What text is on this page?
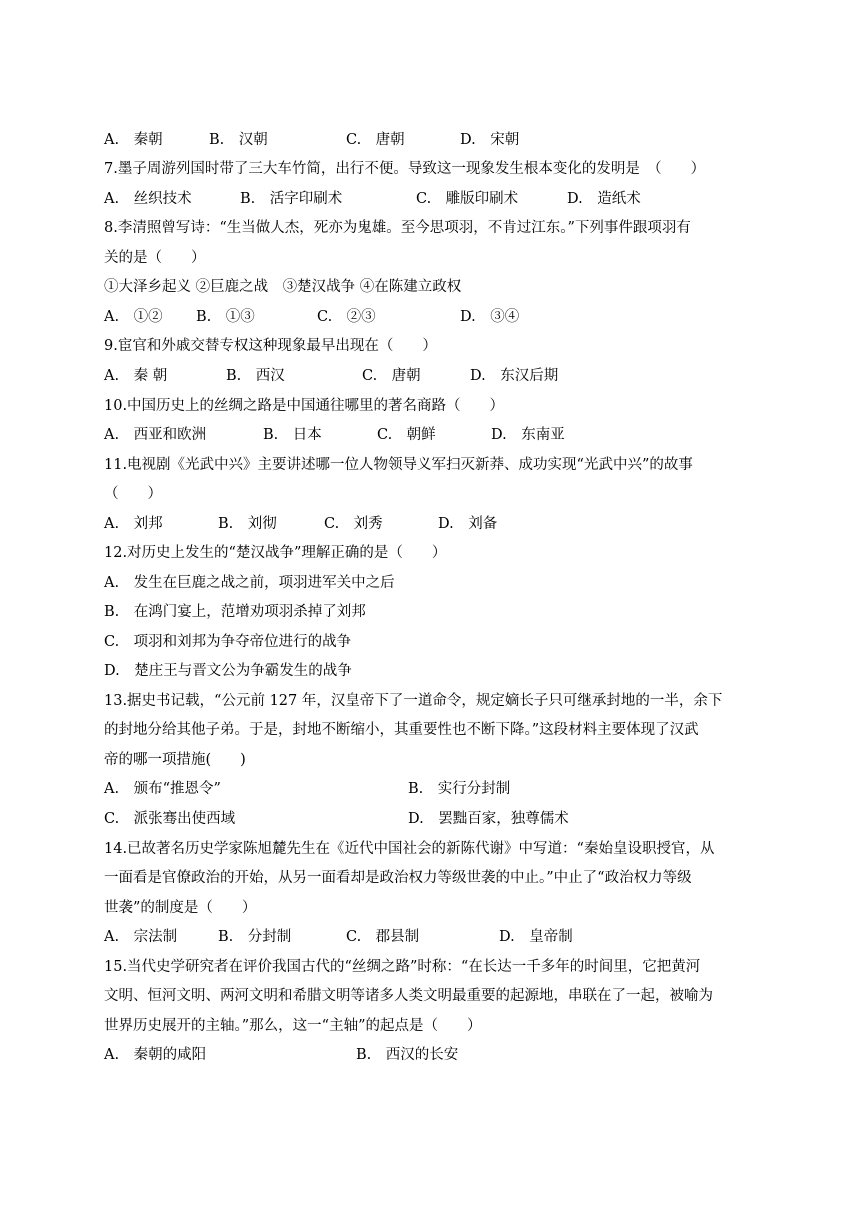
A.　秦朝	B.　汉朝	C.　唐朝	D.　宋朝
7.墨子周游列国时带了三大车竹简，出行不便。导致这一现象发生根本变化的发明是　（　　）
A.　丝织技术	B.　活字印刷术	C.　雕版印刷术	D.　造纸术
8.李清照曾写诗：“生当做人杰，死亦为鬼雄。至今思项羽，不肯过江东。”下列事件跟项羽有
关的是（　　）
①大泽乡起义 ②巨鹿之战　③楚汉战争 ④在陈建立政权
A.　①② B.　①③	C.　②③	D.　③④
9.宦官和外戚交替专权这种现象最早出现在（　　）
A.　秦 朝	B.　西汉	C.　唐朝	D.　东汉后期
10.中国历史上的丝绸之路是中国通往哪里的著名商路（　　）
A.　西亚和欧洲	B.　日本	C.　朝鲜	D.　东南亚
11.电视剧《光武中兴》主要讲述哪一位人物领导义军扫灭新莽、成功实现“光武中兴”的故事
（　　）
A.　刘邦	B.　刘彻	C.　刘秀	D.　刘备
12.对历史上发生的“楚汉战争”理解正确的是（　　）
A.　发生在巨鹿之战之前，项羽进军关中之后
B.　在鸿门宴上，范增劝项羽杀掉了刘邦
C.　项羽和刘邦为争夺帝位进行的战争
D.　楚庄王与晋文公为争霸发生的战争
13.据史书记载，“公元前 127 年，汉皇帝下了一道命令，规定嫡长子只可继承封地的一半，余下
的封地分给其他子弟。于是，封地不断缩小，其重要性也不断下降。”这段材料主要体现了汉武
帝的哪一项措施(　　)
A.　颁布“推恩令”	B.　实行分封制
C.　派张骞出使西域	D.　罢黜百家，独尊儒术
14.已故著名历史学家陈旭麓先生在《近代中国社会的新陈代谢》中写道：“秦始皇设职授官，从
一面看是官僚政治的开始，从另一面看却是政治权力等级世袭的中止。”中止了“政治权力等级
世袭”的制度是（　　）
A.　宗法制	B.　分封制	C.　郡县制	D.　皇帝制
15.当代史学研究者在评价我国古代的“丝绸之路”时称：“在长达一千多年的时间里，它把黄河
文明、恒河文明、两河文明和希腊文明等诸多人类文明最重要的起源地，串联在了一起，被喻为
世界历史展开的主轴。”那么，这一“主轴”的起点是（　　）
A.　秦朝的咸阳	B.　西汉的长安
